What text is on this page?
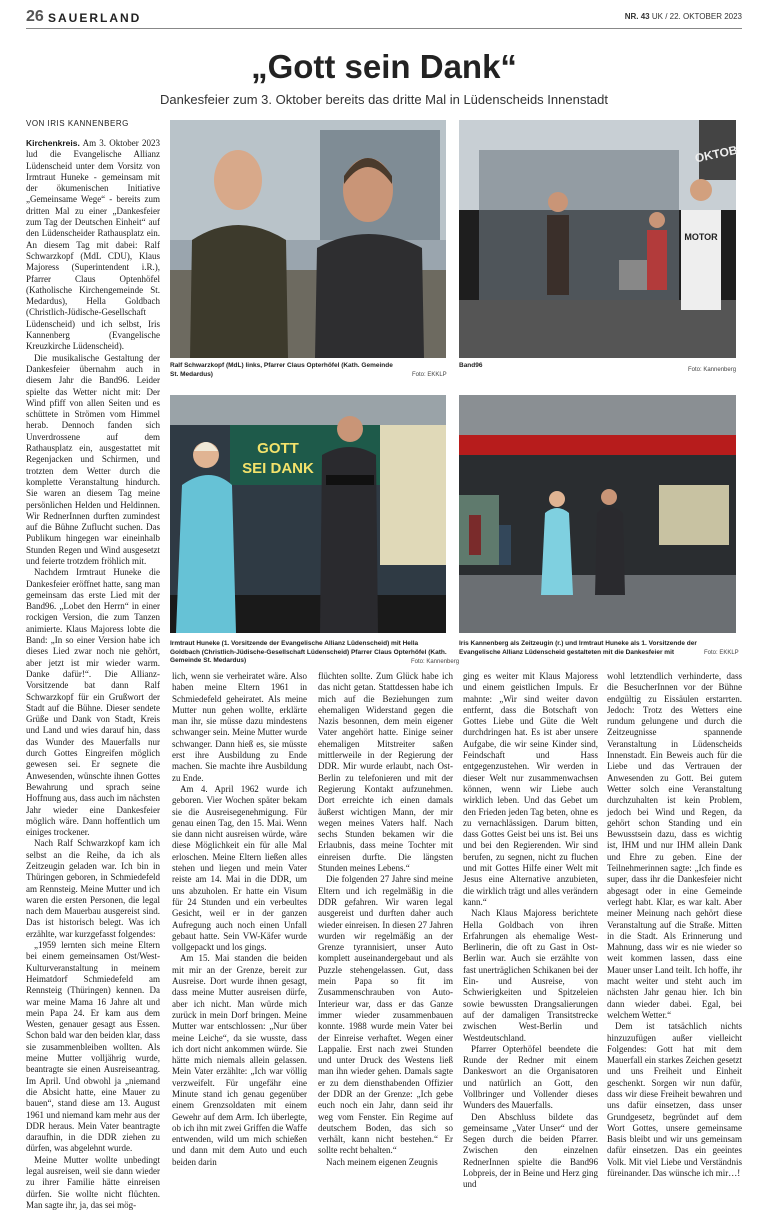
26 SAUERLAND	NR. 43 UK / 22. OKTOBER 2023
„Gott sein Dank“
Dankesfeier zum 3. Oktober bereits das dritte Mal in Lüdenscheids Innenstadt
VON IRIS KANNENBERG

Kirchenkreis. Am 3. Oktober 2023 lud die Evangelische Allianz Lüdenscheid unter dem Vorsitz von Irmtraut Huneke - gemeinsam mit der ökumenischen Initiative „Gemeinsame Wege“ - bereits zum dritten Mal zu einer „Dankesfeier zum Tag der Deutschen Einheit“ auf den Lüdenscheider Rathausplatz ein. An diesem Tag mit dabei: Ralf Schwarzkopf (MdL CDU), Klaus Majoress (Superintendent i.R.), Pfarrer Claus Optenhöfel (Katholische Kirchengemeinde St. Medardus), Hella Goldbach (Christlich-Jüdische-Gesellschaft Lüdenscheid) und ich selbst, Iris Kannenberg (Evangelische Kreuzkirche Lüdenscheid).

Die musikalische Gestaltung der Dankesfeier übernahm auch in diesem Jahr die Band96. Leider spielte das Wetter nicht mit: Der Wind pfiff von allen Seiten und es schüttete in Strömen vom Himmel herab. Dennoch fanden sich Unverdrossene auf dem Rathausplatz ein, ausgestattet mit Regenjacken und Schirmen, und trotzten dem Wetter durch die komplette Veranstaltung hindurch. Sie waren an diesem Tag meine persönlichen Helden und Heldinnen. Wir RednerInnen durften zumindest auf die Bühne Zuflucht suchen. Das Publikum hingegen war eineinhalb Stunden Regen und Wind ausgesetzt und feierte trotzdem fröhlich mit.

Nachdem Irmtraut Huneke die Dankesfeier eröffnet hatte, sang man gemeinsam das erste Lied mit der Band96. „Lobet den Herrn“ in einer rockigen Version, die zum Tanzen animierte. Klaus Majoress lobte die Band: „In so einer Version habe ich dieses Lied zwar noch nie gehört, aber jetzt ist mir wieder warm. Danke dafür!“. Die Allianz-Vorsitzende bat dann Ralf Schwarzkopf für ein Grußwort der Stadt auf die Bühne. Dieser sendete Grüße und Dank von Stadt, Kreis und Land und wies darauf hin, dass das Wunder des Mauerfalls nur durch Gottes Eingreifen möglich gewesen sei. Er segnete die Anwesenden, wünschte ihnen Gottes Bewahrung und sprach seine Hoffnung aus, dass auch im nächsten Jahr wieder eine Dankesfeier möglich wäre. Dann hoffentlich um einiges trockener.

Nach Ralf Schwarzkopf kam ich selbst an die Reihe, da ich als Zeitzeugin geladen war. Ich bin in Thüringen geboren, in Schmiedefeld am Rennsteig. Meine Mutter und ich waren die ersten Personen, die legal nach dem Mauerbau ausgereist sind. Das ist historisch belegt. Was ich erzählte, war kurzgefasst folgendes:

„1959 lernten sich meine Eltern bei einem gemeinsamen Ost/West-Kulturveranstaltung in meinem Heimatdorf Schmiedefeld am Rennsteig (Thüringen) kennen. Da war meine Mama 16 Jahre alt und mein Papa 24. Er kam aus dem Westen, genauer gesagt aus Essen. Schon bald war den beiden klar, dass sie zusammenbleiben wollten. Als meine Mutter volljährig wurde, beantragte sie einen Ausreiseantrag. Im April. Und obwohl ja „niemand die Absicht hatte, eine Mauer zu bauen“, stand diese am 13. August 1961 und niemand kam mehr aus der DDR heraus. Mein Vater beantragte daraufhin, in die DDR ziehen zu dürfen, was abgelehnt wurde.

Meine Mutter wollte unbedingt legal ausreisen, weil sie dann wieder zu ihrer Familie hätte einreisen dürfen. Sie wollte nicht flüchten. Man sagte ihr, ja, das sei mög-

Ralf Schwarzkopf (MdL) links, Pfarrer Claus Opterhöfel (Kath. Gemeinde St. Medardus)	Foto: EKKLP
OKTOB
MOTOR
Band96
Foto: Kannenberg
GOTT
SEI DANK
Irmtraut Huneke (1. Vorsitzende der Evangelische Allianz Lüdenscheid) mit Hella Goldbach (Christlich-Jüdische-Gesellschaft Lüdenscheid) Pfarrer Claus Opterhöfel (Kath. Gemeinde St. Medardus)	Foto: Kannenberg
Iris Kannenberg als Zeitzeugin (r.) und Irmtraut Huneke als 1. Vorsitzende der Evangelische Allianz Lüdenscheid gestalteten mit die Dankesfeier mit	Foto: EKKLP

lich, wenn sie verheiratet wäre. Also haben meine Eltern 1961 in Schmiedefeld geheiratet. Als meine Mutter nun gehen wollte, erklärte man ihr, sie müsse dazu mindestens schwanger sein. Meine Mutter wurde schwanger. Dann hieß es, sie müsste erst ihre Ausbildung zu Ende machen. Sie machte ihre Ausbildung zu Ende.

Am 4. April 1962 wurde ich geboren. Vier Wochen später bekam sie die Ausreisegenehmigung. Für genau einen Tag, den 15. Mai. Wenn sie dann nicht ausreisen würde, wäre diese Möglichkeit ein für alle Mal erloschen. Meine Eltern ließen alles stehen und liegen und mein Vater reiste am 14. Mai in die DDR, um uns abzuholen. Er hatte ein Visum für 24 Stunden und ein verbeultes Gesicht, weil er in der ganzen Aufregung auch noch einen Unfall gebaut hatte. Sein VW-Käfer wurde vollgepackt und los gings.

Am 15. Mai standen die beiden mit mir an der Grenze, bereit zur Ausreise. Dort wurde ihnen gesagt, dass meine Mutter ausreisen dürfe, aber ich nicht. Man würde mich zurück in mein Dorf bringen. Meine Mutter war entschlossen: „Nur über meine Leiche“, da sie wusste, dass ich dort nicht ankommen würde. Sie hätte mich niemals allein gelassen. Mein Vater erzählte: „Ich war völlig verzweifelt. Für ungefähr eine Minute stand ich genau gegenüber einem Grenzsoldaten mit einem Gewehr auf dem Arm. Ich überlegte, ob ich ihn mit zwei Griffen die Waffe entwenden, wild um mich schießen und dann mit dem Auto und euch beiden darin

flüchten sollte. Zum Glück habe ich das nicht getan. Stattdessen habe ich mich auf die Beziehungen zum ehemaligen Widerstand gegen die Nazis besonnen, dem mein eigener Vater angehört hatte. Einige seiner ehemaligen Mitstreiter saßen mittlerweile in der Regierung der DDR. Mir wurde erlaubt, nach Ost-Berlin zu telefonieren und mit der Regierung Kontakt aufzunehmen. Dort erreichte ich einen damals äußerst wichtigen Mann, der mir wegen meines Vaters half. Nach sechs Stunden bekamen wir die Erlaubnis, dass meine Tochter mit einreisen durfte. Die längsten Stunden meines Lebens.“

Die folgenden 27 Jahre sind meine Eltern und ich regelmäßig in die DDR gefahren. Wir waren legal ausgereist und durften daher auch wieder einreisen. In diesen 27 Jahren wurden wir regelmäßig an der Grenze tyrannisiert, unser Auto komplett auseinandergebaut und als Puzzle stehengelassen. Gut, dass mein Papa so fit im Zusammenschrauben von Auto-Interieur war, dass er das Ganze immer wieder zusammenbauen konnte. 1988 wurde mein Vater bei der Einreise verhaftet. Wegen einer Lappalie. Erst nach zwei Stunden und unter Druck des Westens ließ man ihn wieder gehen. Damals sagte er zu dem diensthabenden Offizier der DDR an der Grenze: „Ich gebe euch noch ein Jahr, dann seid ihr weg vom Fenster. Ein Regime auf deutschem Boden, das sich so verhält, kann nicht bestehen.“ Er sollte recht behalten.“

Nach meinem eigenen Zeugnis

ging es weiter mit Klaus Majoress und einem geistlichen Impuls. Er mahnte: „Wir sind weiter davon entfernt, dass die Botschaft von Gottes Liebe und Güte die Welt durchdringen hat. Es ist aber unsere Aufgabe, die wir seine Kinder sind, Feindschaft und Hass entgegenzustehen. Wir werden in dieser Welt nur zusammenwachsen können, wenn wir Liebe auch wirklich leben. Und das Gebet um den Frieden jeden Tag beten, ohne es zu vernachlässigen. Darum bitten, dass Gottes Geist bei uns ist. Bei uns und bei den Regierenden. Wir sind berufen, zu segnen, nicht zu fluchen und mit Gottes Hilfe einer Welt mit Jesus eine Alternative anzubieten, die wirklich trägt und alles verändern kann.“

Nach Klaus Majoress berichtete Hella Goldbach von ihren Erfahrungen als ehemalige West-Berlinerin, die oft zu Gast in Ost-Berlin war. Auch sie erzählte von fast unerträglichen Schikanen bei der Ein- und Ausreise, von Schwierigkeiten und Spitzeleien sowie bewussten Drangsalierungen auf der damaligen Transitstrecke zwischen West-Berlin und Westdeutschland.

Pfarrer Opterhöfel beendete die Runde der Redner mit einem Dankeswort an die Organisatoren und natürlich an Gott, den Vollbringer und Vollender dieses Wunders des Mauerfalls.

Den Abschluss bildete das gemeinsame „Vater Unser“ und der Segen durch die beiden Pfarrer. Zwischen den einzelnen RednerInnen spielte die Band96 Lobpreis, der in Beine und Herz ging und

wohl letztendlich verhinderte, dass die BesucherInnen vor der Bühne endgültig zu Eissäulen erstarrten. Jedoch: Trotz des Wetters eine rundum gelungene und durch die Zeitzeugnisse spannende Veranstaltung in Lüdenscheids Innenstadt. Ein Beweis auch für die Liebe und das Vertrauen der Anwesenden zu Gott. Bei gutem Wetter solch eine Veranstaltung durchzuhalten ist kein Problem, jedoch bei Wind und Regen, da gehört schon Standing und ein Bewusstsein dazu, dass es wichtig ist, IHM und nur IHM allein Dank und Ehre zu geben. Eine der Teilnehmerinnen sagte: „Ich finde es super, dass ihr die Dankesfeier nicht abgesagt oder in eine Gemeinde verlegt habt. Klar, es war kalt. Aber meiner Meinung nach gehört diese Veranstaltung auf die Straße. Mitten in die Stadt. Als Erinnerung und Mahnung, dass wir es nie wieder so weit kommen lassen, dass eine Mauer unser Land teilt. Ich hoffe, ihr macht weiter und steht auch im nächsten Jahr genau hier. Ich bin dann wieder dabei. Egal, bei welchem Wetter.“

Dem ist tatsächlich nichts hinzuzufügen außer vielleicht Folgendes: Gott hat mit dem Mauerfall ein starkes Zeichen gesetzt und uns Freiheit und Einheit geschenkt. Sorgen wir nun dafür, dass wir diese Freiheit bewahren und uns dafür einsetzen, dass unser Grundgesetz, begründet auf dem Wort Gottes, unsere gemeinsame Basis bleibt und wir uns gemeinsam dafür einsetzen. Das ein geeintes Volk. Mit viel Liebe und Verständnis füreinander. Das wünsche ich mir…!
